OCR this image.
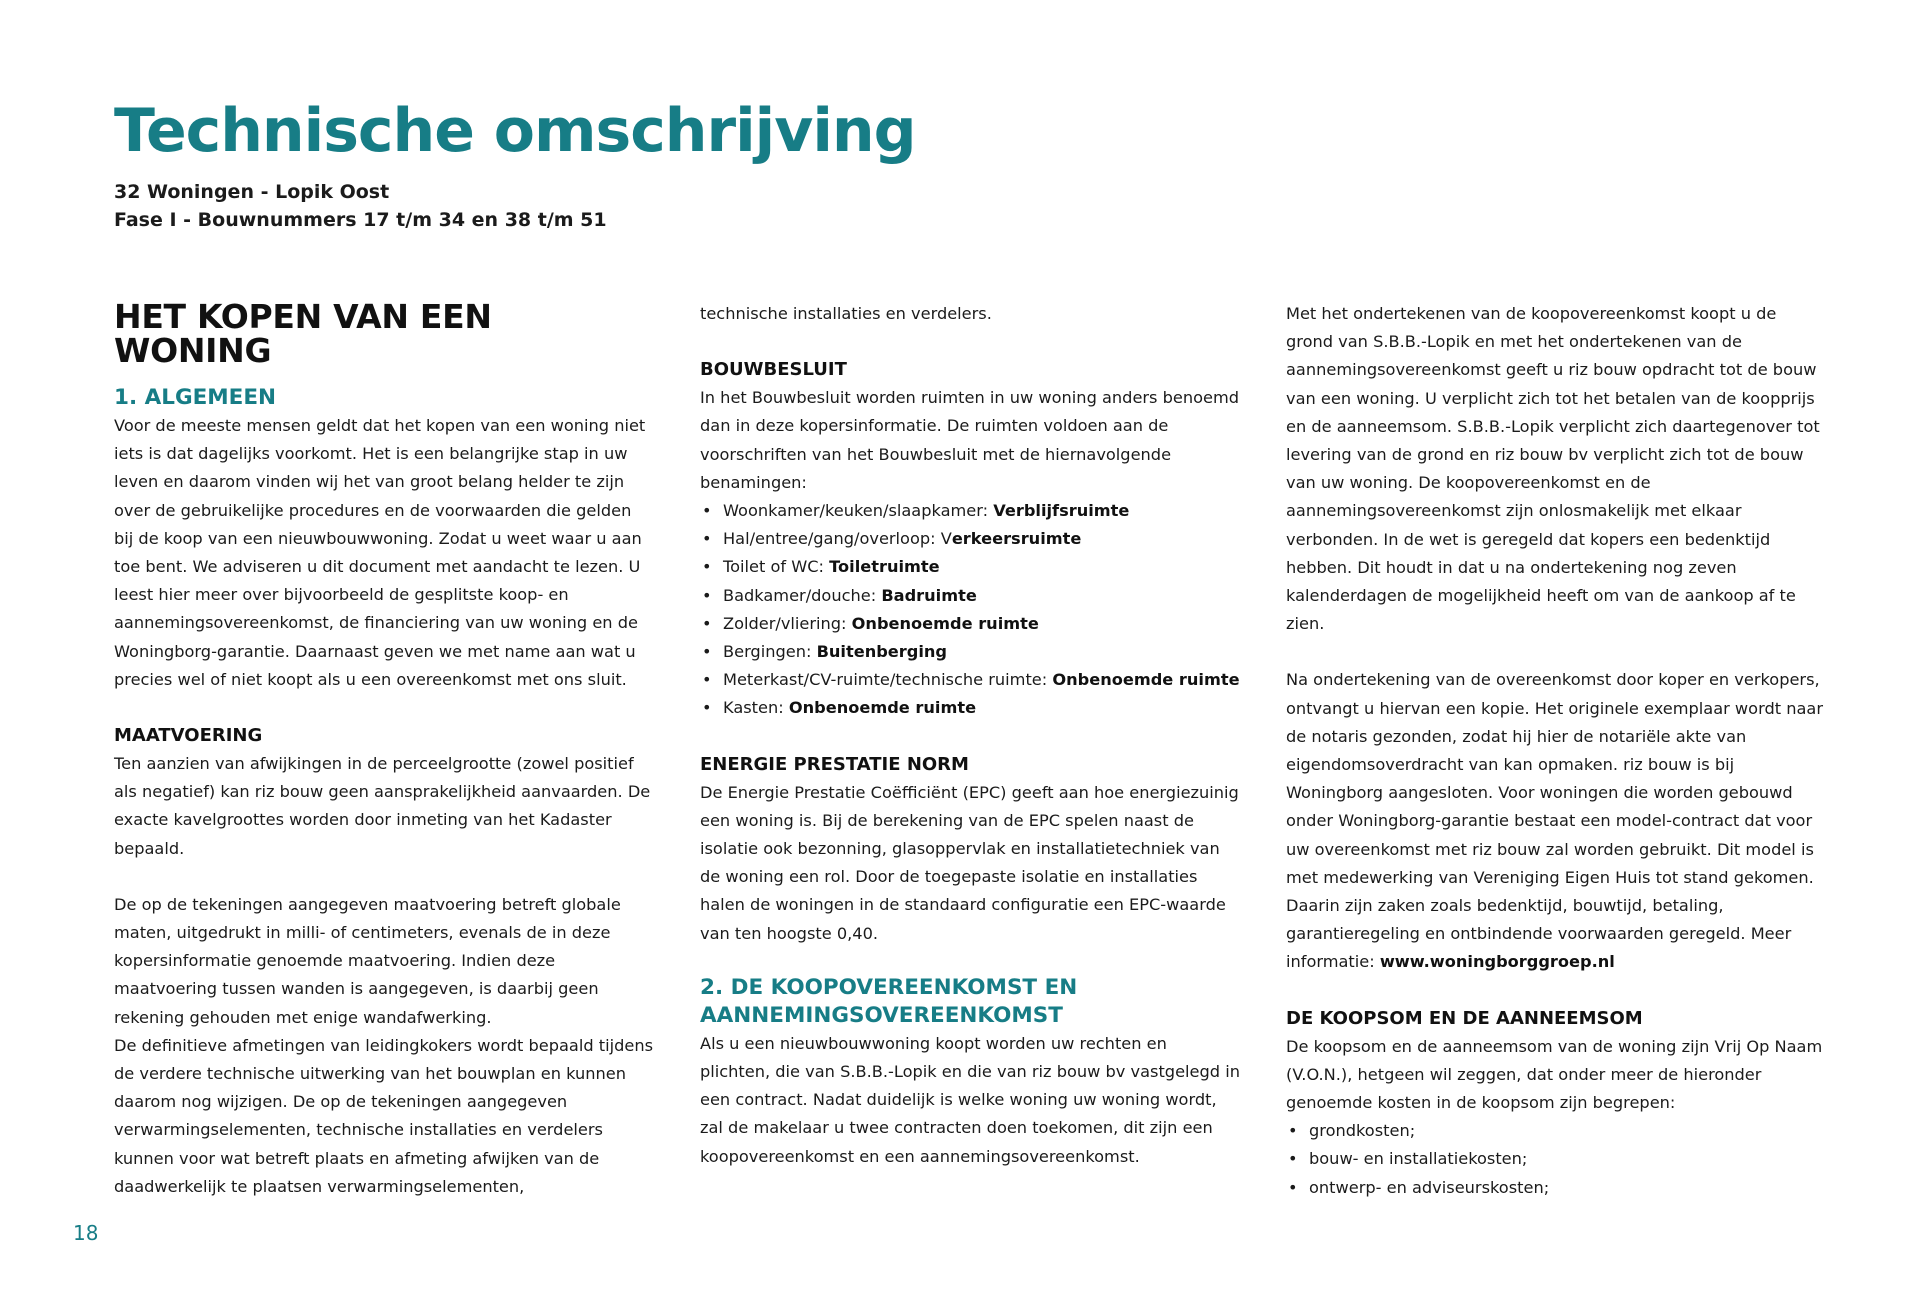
Technische omschrijving

32 Woningen - Lopik Oost

Fase I - Bouwnummers 17 t/m 34 en 38 t/m 51

HET KOPEN VAN EEN WONING
1. ALGEMEEN

Voor de meeste mensen geldt dat het kopen van een woning niet iets is dat dagelijks voorkomt. Het is een belangrijke stap in uw leven en daarom vinden wij het van groot belang helder te zijn over de gebruikelijke procedures en de voorwaarden die gelden bij de koop van een nieuwbouwwoning. Zodat u weet waar u aan toe bent. We adviseren u dit document met aandacht te lezen. U leest hier meer over bijvoorbeeld de gesplitste koop- en aannemingsovereenkomst, de financiering van uw woning en de Woningborg-garantie. Daarnaast geven we met name aan wat u precies wel of niet koopt als u een overeenkomst met ons sluit.

MAATVOERING

Ten aanzien van afwijkingen in de perceelgrootte (zowel positief als negatief) kan riz bouw geen aansprakelijkheid aanvaarden. De exacte kavelgroottes worden door inmeting van het Kadaster bepaald.

De op de tekeningen aangegeven maatvoering betreft globale maten, uitgedrukt in milli- of centimeters, evenals de in deze kopersinformatie genoemde maatvoering. Indien deze maatvoering tussen wanden is aangegeven, is daarbij geen rekening gehouden met enige wandafwerking.

De definitieve afmetingen van leidingkokers wordt bepaald tijdens de verdere technische uitwerking van het bouwplan en kunnen daarom nog wijzigen. De op de tekeningen aangegeven verwarmingselementen, technische installaties en verdelers kunnen voor wat betreft plaats en afmeting afwijken van de daadwerkelijk te plaatsen verwarmingselementen,

technische installaties en verdelers.

BOUWBESLUIT

In het Bouwbesluit worden ruimten in uw woning anders benoemd dan in deze kopersinformatie. De ruimten voldoen aan de voorschriften van het Bouwbesluit met de hiernavolgende benamingen:

• Woonkamer/keuken/slaapkamer: Verblijfsruimte
• Hal/entree/gang/overloop: Verkeersruimte
• Toilet of WC: Toiletruimte
• Badkamer/douche: Badruimte
• Zolder/vliering: Onbenoemde ruimte
• Bergingen: Buitenberging
• Meterkast/CV-ruimte/technische ruimte: Onbenoemde ruimte
• Kasten: Onbenoemde ruimte
ENERGIE PRESTATIE NORM

De Energie Prestatie Coëfficiënt (EPC) geeft aan hoe energiezuinig een woning is. Bij de berekening van de EPC spelen naast de isolatie ook bezonning, glasoppervlak en installatietechniek van de woning een rol. Door de toegepaste isolatie en installaties halen de woningen in de standaard configuratie een EPC-waarde van ten hoogste 0,40.

2. DE KOOPOVEREENKOMST EN
AANNEMINGSOVEREENKOMST

Als u een nieuwbouwwoning koopt worden uw rechten en plichten, die van S.B.B.-Lopik en die van riz bouw bv vastgelegd in een contract. Nadat duidelijk is welke woning uw woning wordt, zal de makelaar u twee contracten doen toekomen, dit zijn een koopovereenkomst en een aannemingsovereenkomst.

Met het ondertekenen van de koopovereenkomst koopt u de grond van S.B.B.-Lopik en met het ondertekenen van de aannemingsovereenkomst geeft u riz bouw opdracht tot de bouw van een woning. U verplicht zich tot het betalen van de koopprijs en de aanneemsom. S.B.B.-Lopik verplicht zich daartegenover tot levering van de grond en riz bouw bv verplicht zich tot de bouw van uw woning. De koopovereenkomst en de aannemingsovereenkomst zijn onlosmakelijk met elkaar verbonden. In de wet is geregeld dat kopers een bedenktijd hebben. Dit houdt in dat u na ondertekening nog zeven kalenderdagen de mogelijkheid heeft om van de aankoop af te zien.

Na ondertekening van de overeenkomst door koper en verkopers, ontvangt u hiervan een kopie. Het originele exemplaar wordt naar de notaris gezonden, zodat hij hier de notariële akte van eigendomsoverdracht van kan opmaken. riz bouw is bij Woningborg aangesloten. Voor woningen die worden gebouwd onder Woningborg-garantie bestaat een model-contract dat voor uw overeenkomst met riz bouw zal worden gebruikt. Dit model is met medewerking van Vereniging Eigen Huis tot stand gekomen. Daarin zijn zaken zoals bedenktijd, bouwtijd, betaling, garantieregeling en ontbindende voorwaarden geregeld. Meer informatie: www.woningborggroep.nl

DE KOOPSOM EN DE AANNEEMSOM

De koopsom en de aanneemsom van de woning zijn Vrij Op Naam (V.O.N.), hetgeen wil zeggen, dat onder meer de hieronder genoemde kosten in de koopsom zijn begrepen:

• grondkosten;
• bouw- en installatiekosten;
• ontwerp- en adviseurskosten;
18
